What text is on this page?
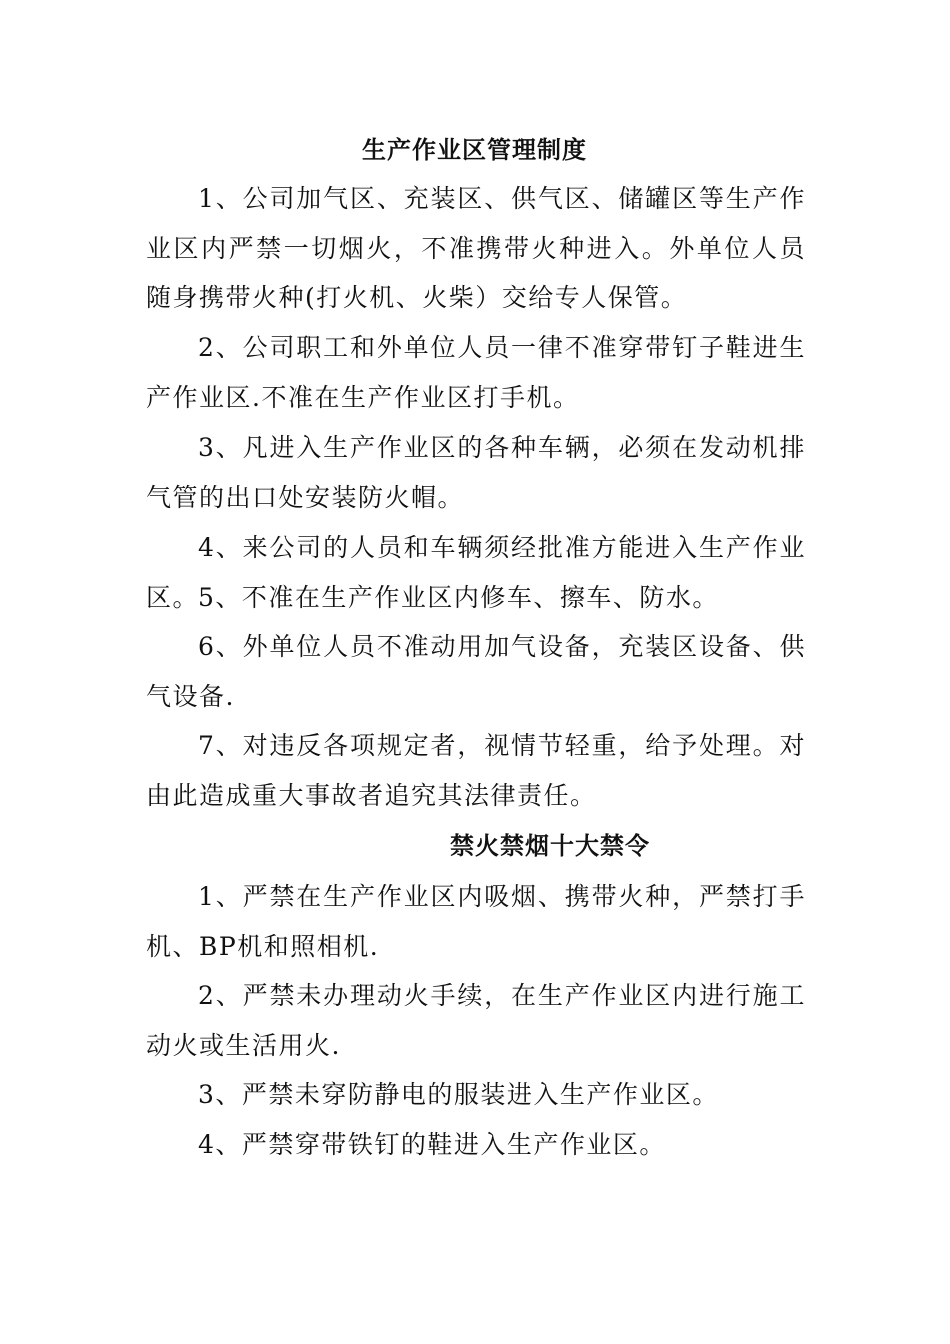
生产作业区管理制度

1、公司加气区、充装区、供气区、储罐区等生产作业区内严禁一切烟火，不准携带火种进入。外单位人员随身携带火种(打火机、火柴）交给专人保管。

2、公司职工和外单位人员一律不准穿带钉子鞋进生产作业区.不准在生产作业区打手机。

3、凡进入生产作业区的各种车辆，必须在发动机排气管的出口处安装防火帽。

4、来公司的人员和车辆须经批准方能进入生产作业区。

5、不准在生产作业区内修车、擦车、防水。

6、外单位人员不准动用加气设备，充装区设备、供气设备.

7、对违反各项规定者，视情节轻重，给予处理。对由此造成重大事故者追究其法律责任。

禁火禁烟十大禁令

1、严禁在生产作业区内吸烟、携带火种，严禁打手机、BP机和照相机.

2、严禁未办理动火手续，在生产作业区内进行施工动火或生活用火.

3、严禁未穿防静电的服装进入生产作业区。

4、严禁穿带铁钉的鞋进入生产作业区。
